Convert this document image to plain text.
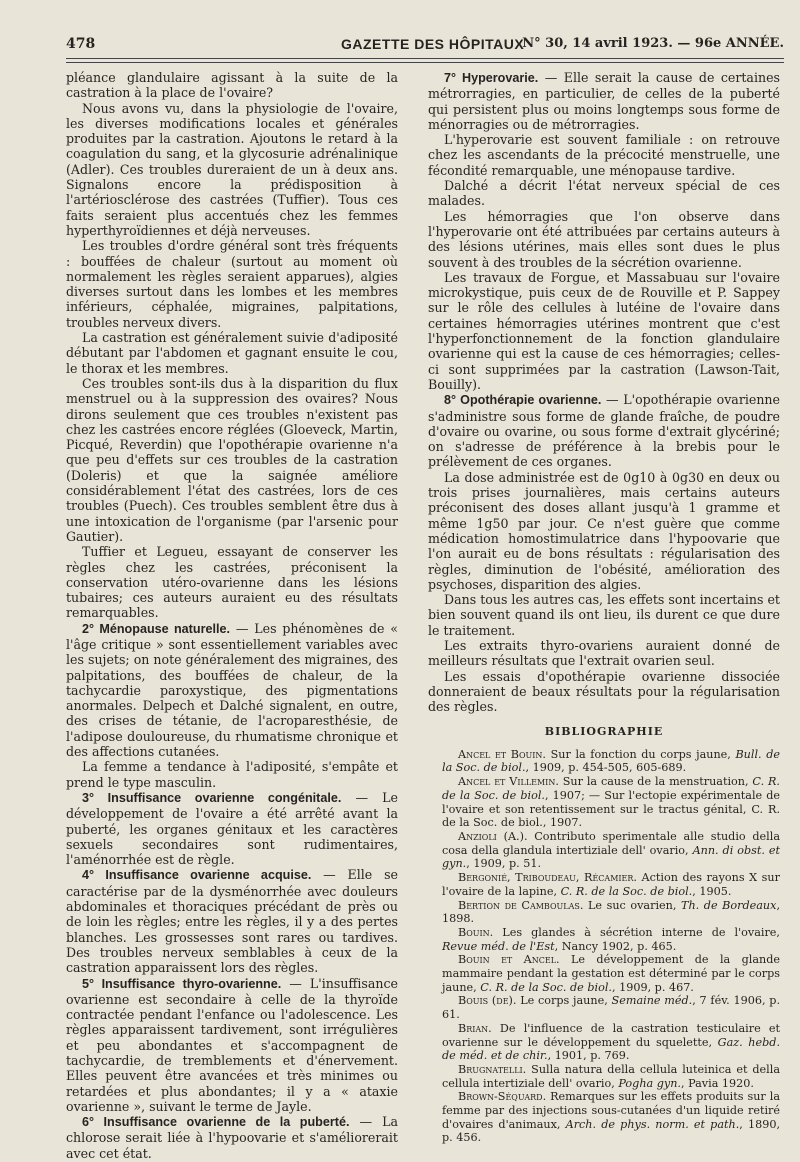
478	GAZETTE DES HÔPITAUX
N° 30, 14 avril 1923. — 96e ANNÉE.

pléance glandulaire agissant à la suite de la castration à la place de l'ovaire?

Nous avons vu, dans la physiologie de l'ovaire, les diverses modifications locales et générales produites par la castration. Ajoutons le retard à la coagulation du sang, et la glycosurie adrénalinique (Adler). Ces troubles dureraient de un à deux ans. Signalons encore la prédisposition à l'artériosclérose des castrées (Tuffier). Tous ces faits seraient plus accentués chez les femmes hyperthyroïdiennes et déjà nerveuses.

Les troubles d'ordre général sont très fréquents : bouffées de chaleur (surtout au moment où normalement les règles seraient apparues), algies diverses surtout dans les lombes et les membres inférieurs, céphalée, migraines, palpitations, troubles nerveux divers.

La castration est généralement suivie d'adiposité débutant par l'abdomen et gagnant ensuite le cou, le thorax et les membres.

Ces troubles sont-ils dus à la disparition du flux menstruel ou à la suppression des ovaires? Nous dirons seulement que ces troubles n'existent pas chez les castrées encore réglées (Gloeveck, Martin, Picqué, Reverdin) que l'opothérapie ovarienne n'a que peu d'effets sur ces troubles de la castration (Doleris) et que la saignée améliore considérablement l'état des castrées, lors de ces troubles (Puech). Ces troubles semblent être dus à une intoxication de l'organisme (par l'arsenic pour Gautier).

Tuffier et Legueu, essayant de conserver les règles chez les castrées, préconisent la conservation utéro-ovarienne dans les lésions tubaires; ces auteurs auraient eu des résultats remarquables.

2° Ménopause naturelle. — Les phénomènes de « l'âge critique » sont essentiellement variables avec les sujets; on note généralement des migraines, des palpitations, des bouffées de chaleur, de la tachycardie paroxystique, des pigmentations anormales. Delpech et Dalché signalent, en outre, des crises de tétanie, de l'acroparesthésie, de l'adipose douloureuse, du rhumatisme chronique et des affections cutanées.

La femme a tendance à l'adiposité, s'empâte et prend le type masculin.

3° Insuffisance ovarienne congénitale. — Le développement de l'ovaire a été arrêté avant la puberté, les organes génitaux et les caractères sexuels secondaires sont rudimentaires, l'aménorrhée est de règle.

4° Insuffisance ovarienne acquise. — Elle se caractérise par de la dysménorrhée avec douleurs abdominales et thoraciques précédant de près ou de loin les règles; entre les règles, il y a des pertes blanches. Les grossesses sont rares ou tardives. Des troubles nerveux semblables à ceux de la castration apparaissent lors des règles.

5° Insuffisance thyro-ovarienne. — L'insuffisance ovarienne est secondaire à celle de la thyroïde contractée pendant l'enfance ou l'adolescence. Les règles apparaissent tardivement, sont irrégulières et peu abondantes et s'accompagnent de tachycardie, de tremblements et d'énervement. Elles peuvent être avancées et très minimes ou retardées et plus abondantes; il y a « ataxie ovarienne », suivant le terme de Jayle.

6° Insuffisance ovarienne de la puberté. — La chlorose serait liée à l'hypoovarie et s'améliorerait avec cet état.

7° Hyperovarie. — Elle serait la cause de certaines métrorragies, en particulier, de celles de la puberté qui persistent plus ou moins longtemps sous forme de ménorragies ou de métrorragies.

L'hyperovarie est souvent familiale : on retrouve chez les ascendants de la précocité menstruelle, une fécondité remarquable, une ménopause tardive.

Dalché a décrit l'état nerveux spécial de ces malades.

Les hémorragies que l'on observe dans l'hyperovarie ont été attribuées par certains auteurs à des lésions utérines, mais elles sont dues le plus souvent à des troubles de la sécrétion ovarienne.

Les travaux de Forgue, et Massabuau sur l'ovaire microkystique, puis ceux de de Rouville et P. Sappey sur le rôle des cellules à lutéine de l'ovaire dans certaines hémorragies utérines montrent que c'est l'hyperfonctionnement de la fonction glandulaire ovarienne qui est la cause de ces hémorragies; celles-ci sont supprimées par la castration (Lawson-Tait, Bouilly).

8° Opothérapie ovarienne. — L'opothérapie ovarienne s'administre sous forme de glande fraîche, de poudre d'ovaire ou ovarine, ou sous forme d'extrait glycériné; on s'adresse de préférence à la brebis pour le prélèvement de ces organes.

La dose administrée est de 0g10 à 0g30 en deux ou trois prises journalières, mais certains auteurs préconisent des doses allant jusqu'à 1 gramme et même 1g50 par jour. Ce n'est guère que comme médication homostimulatrice dans l'hypoovarie que l'on aurait eu de bons résultats : régularisation des règles, diminution de l'obésité, amélioration des psychoses, disparition des algies.

Dans tous les autres cas, les effets sont incertains et bien souvent quand ils ont lieu, ils durent ce que dure le traitement.

Les extraits thyro-ovariens auraient donné de meilleurs résultats que l'extrait ovarien seul.

Les essais d'opothérapie ovarienne dissociée donneraient de beaux résultats pour la régularisation des règles.

BIBLIOGRAPHIE

Ancel et Bouin. Sur la fonction du corps jaune, Bull. de la Soc. de biol., 1909, p. 454-505, 605-689.

Ancel et Villemin. Sur la cause de la menstruation, C. R. de la Soc. de biol., 1907; — Sur l'ectopie expérimentale de l'ovaire et son retentissement sur le tractus génital, C. R. de la Soc. de biol., 1907.

Anzioli (A.). Contributo sperimentale alle studio della cosa della glandula intertiziale dell' ovario, Ann. di obst. et gyn., 1909, p. 51.

Bergonié, Triboudeau, Récamier. Action des rayons X sur l'ovaire de la lapine, C. R. de la Soc. de biol., 1905.

Bertion de Camboulas. Le suc ovarien, Th. de Bordeaux, 1898.

Bouin. Les glandes à sécrétion interne de l'ovaire, Revue méd. de l'Est, Nancy 1902, p. 465.

Bouin et Ancel. Le développement de la glande mammaire pendant la gestation est déterminé par le corps jaune, C. R. de la Soc. de biol., 1909, p. 467.

Bouis (de). Le corps jaune, Semaine méd., 7 fév. 1906, p. 61.

Brian. De l'influence de la castration testiculaire et ovarienne sur le développement du squelette, Gaz. hebd. de méd. et de chir., 1901, p. 769.

Brugnatelli. Sulla natura della cellula luteinica et della cellula intertiziale dell' ovario, Pogha gyn., Pavia 1920.

Brown-Séquard. Remarques sur les effets produits sur la femme par des injections sous-cutanées d'un liquide retiré d'ovaires d'animaux, Arch. de phys. norm. et path., 1890, p. 456.
